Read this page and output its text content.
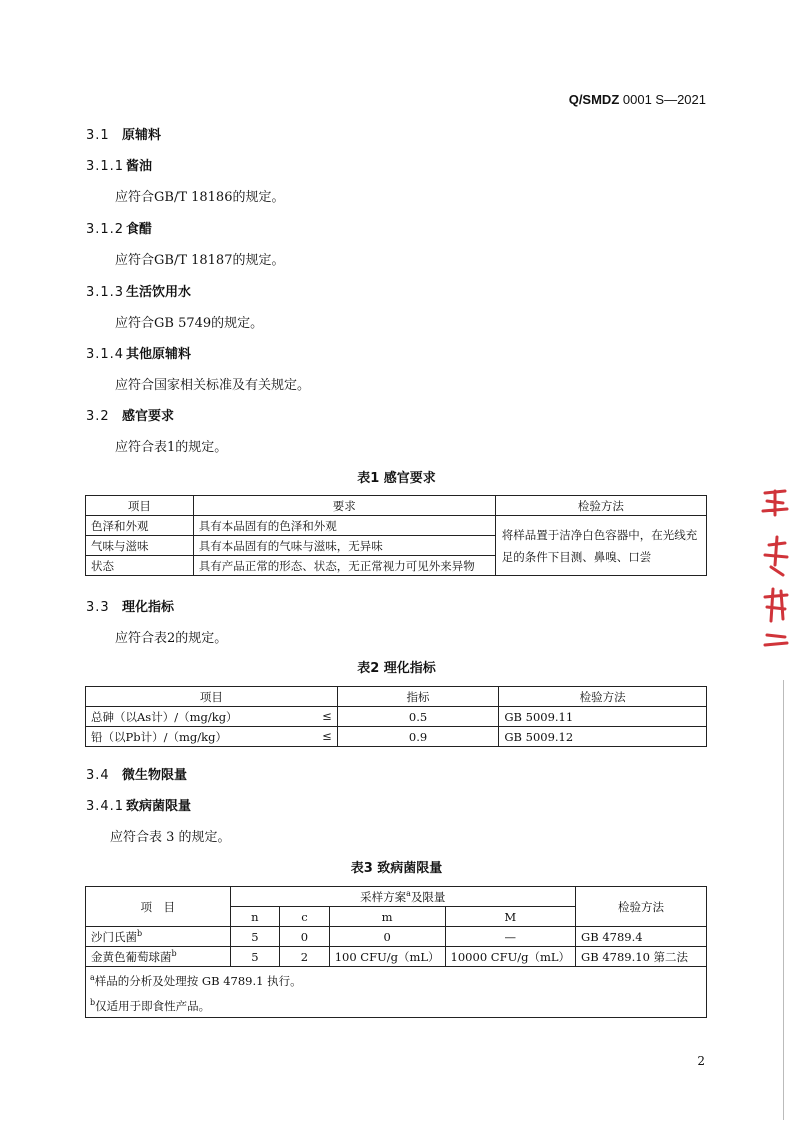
Q/SMDZ 0001 S—2021
3.1 原辅料
3.1.1 酱油
应符合GB/T 18186的规定。
3.1.2 食醋
应符合GB/T 18187的规定。
3.1.3 生活饮用水
应符合GB 5749的规定。
3.1.4 其他原辅料
应符合国家相关标准及有关规定。
3.2 感官要求
应符合表1的规定。
表1 感官要求
项目	要求	检验方法
色泽和外观	具有本品固有的色泽和外观	将样品置于洁净白色容器中，在光线充
足的条件下目测、鼻嗅、口尝
气味与滋味	具有本品固有的气味与滋味，无异味	
状态	具有产品正常的形态、状态，无正常视力可见外来异物	
3.3 理化指标
应符合表2的规定。
表2 理化指标
项目	指标	检验方法
总砷（以As计）/（mg/kg） ≤	0.5	GB 5009.11
铅（以Pb计）/（mg/kg） ≤	0.9	GB 5009.12
3.4 微生物限量
3.4.1 致病菌限量
应符合表 3 的规定。
表3 致病菌限量
项　目	采样方案$^a$及限量				检验方法
	n	c	m	M	
沙门氏菌$^b$	5	0	0	—	GB 4789.4
金黄色葡萄球菌$^b$	5	2	100 CFU/g（mL）	10000 CFU/g（mL）	GB 4789.10 第二法
$^a$样品的分析及处理按 GB 4789.1 执行。
$^b$仅适用于即食性产品。					
2
